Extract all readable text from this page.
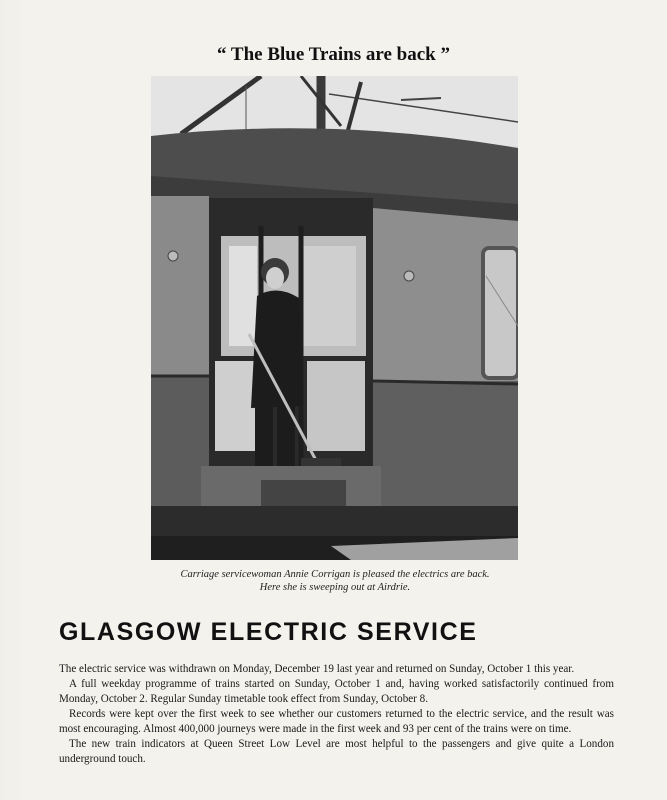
“ The Blue Trains are back ”
Carriage servicewoman Annie Corrigan is pleased the electrics are back.
Here she is sweeping out at Airdrie.
GLASGOW ELECTRIC SERVICE

The electric service was withdrawn on Monday, December 19 last year and returned on Sunday, October 1 this year.

A full weekday programme of trains started on Sunday, October 1 and, having worked satisfactorily continued from Monday, October 2. Regular Sunday timetable took effect from Sunday, October 8.

Records were kept over the first week to see whether our customers returned to the electric service, and the result was most encouraging. Almost 400,000 journeys were made in the first week and 93 per cent of the trains were on time.

The new train indicators at Queen Street Low Level are most helpful to the passengers and give quite a London underground touch.
